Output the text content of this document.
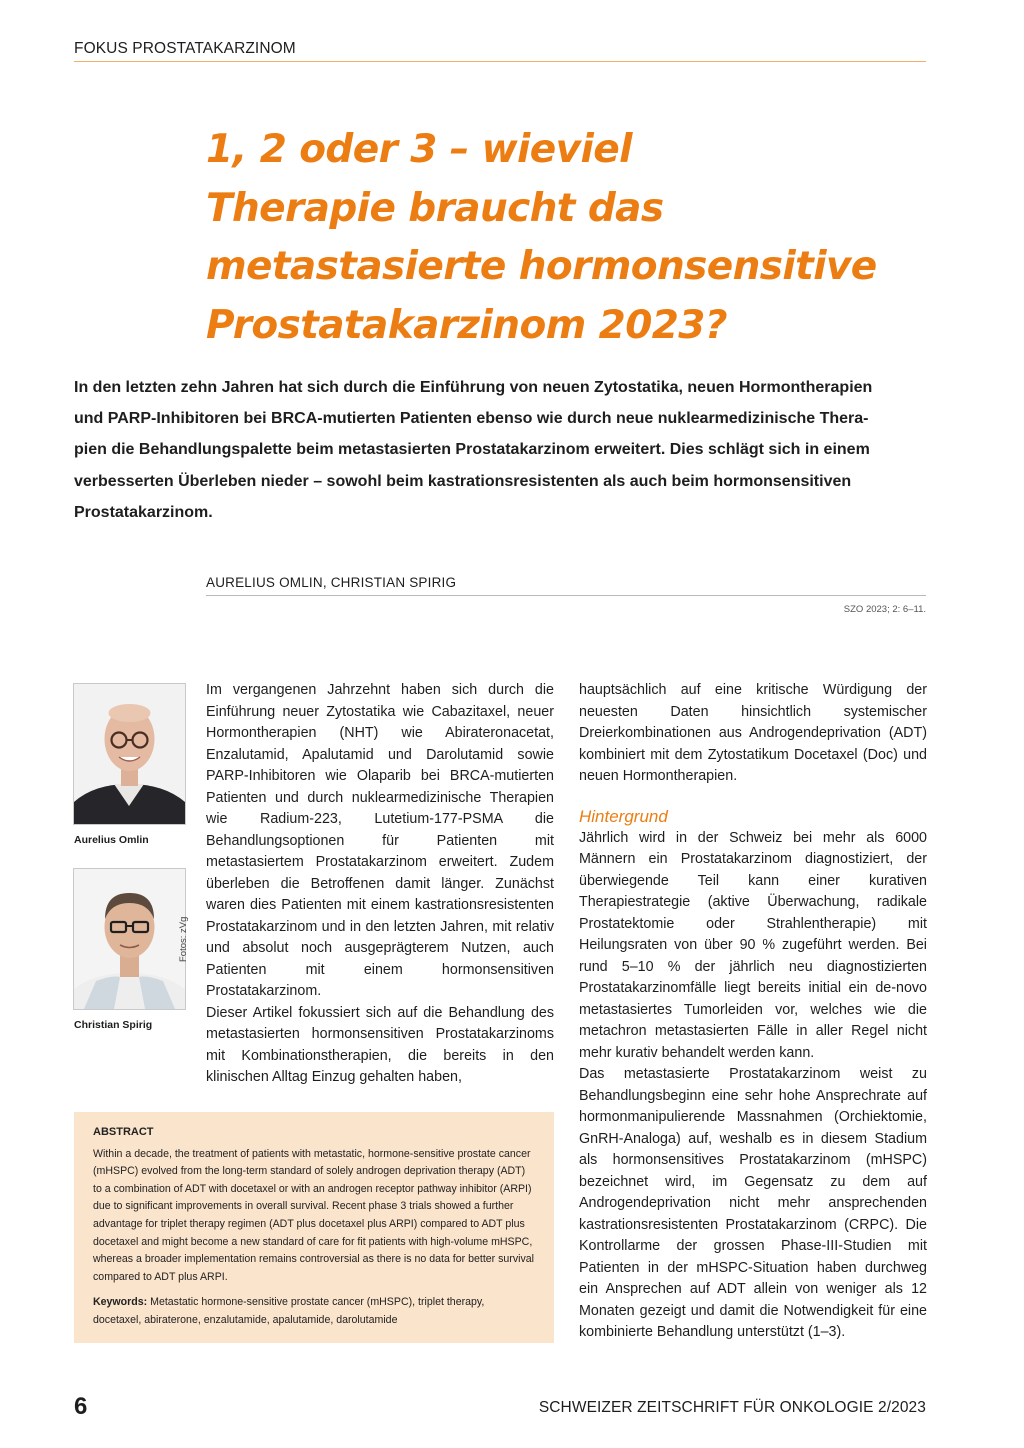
FOKUS PROSTATAKARZINOM
1, 2 oder 3 – wieviel
Therapie braucht das
metastasierte hormonsensitive
Prostatakarzinom 2023?

In den letzten zehn Jahren hat sich durch die Einführung von neuen Zytostatika, neuen Hormontherapien
und PARP-Inhibitoren bei BRCA-mutierten Patienten ebenso wie durch neue nuklearmedizinische Thera-
pien die Behandlungspalette beim metastasierten Prostatakarzinom erweitert. Dies schlägt sich in einem
verbesserten Überleben nieder – sowohl beim kastrationsresistenten als auch beim hormonsensitiven
Prostatakarzinom.

AURELIUS OMLIN, CHRISTIAN SPIRIG
SZO 2023; 2: 6–11.
Aurelius Omlin
Christian Spirig
Fotos: zVg

Im vergangenen Jahrzehnt haben sich durch die Einführung neuer Zytostatika wie Cabazitaxel, neuer Hormontherapien (NHT) wie Abirateronacetat, Enzalutamid, Apalutamid und Darolutamid sowie PARP-Inhibitoren wie Olaparib bei BRCA-mutierten Patienten und durch nuklearmedizinische Therapien wie Radium-223, Lutetium-177-PSMA die Behandlungsoptionen für Patienten mit metastasiertem Prostatakarzinom erweitert. Zudem überleben die Betroffenen damit länger. Zunächst waren dies Patienten mit einem kastrationsresistenten Prostatakarzinom und in den letzten Jahren, mit relativ und absolut noch ausgeprägterem Nutzen, auch Patienten mit einem hormonsensitiven Prostatakarzinom.

Dieser Artikel fokussiert sich auf die Behandlung des metastasierten hormonsensitiven Prostatakarzinoms mit Kombinationstherapien, die bereits in den klinischen Alltag Einzug gehalten haben,

hauptsächlich auf eine kritische Würdigung der neuesten Daten hinsichtlich systemischer Dreierkombinationen aus Androgendeprivation (ADT) kombiniert mit dem Zytostatikum Docetaxel (Doc) und neuen Hormontherapien.

Hintergrund

Jährlich wird in der Schweiz bei mehr als 6000 Männern ein Prostatakarzinom diagnostiziert, der überwiegende Teil kann einer kurativen Therapiestrategie (aktive Überwachung, radikale Prostatektomie oder Strahlentherapie) mit Heilungsraten von über 90 % zugeführt werden. Bei rund 5–10 % der jährlich neu diagnostizierten Prostatakarzinomfälle liegt bereits initial ein de-novo metastasiertes Tumorleiden vor, welches wie die metachron metastasierten Fälle in aller Regel nicht mehr kurativ behandelt werden kann.

Das metastasierte Prostatakarzinom weist zu Behandlungsbeginn eine sehr hohe Ansprechrate auf hormonmanipulierende Massnahmen (Orchiektomie, GnRH-Analoga) auf, weshalb es in diesem Stadium als hormonsensitives Prostatakarzinom (mHSPC) bezeichnet wird, im Gegensatz zu dem auf Androgendeprivation nicht mehr ansprechenden kastrationsresistenten Prostatakarzinom (CRPC). Die Kontrollarme der grossen Phase-III-Studien mit Patienten in der mHSPC-Situation haben durchweg ein Ansprechen auf ADT allein von weniger als 12 Monaten gezeigt und damit die Notwendigkeit für eine kombinierte Behandlung unterstützt (1–3).

ABSTRACT

Within a decade, the treatment of patients with metastatic, hormone-sensitive prostate cancer (mHSPC) evolved from the long-term standard of solely androgen deprivation therapy (ADT) to a combination of ADT with docetaxel or with an androgen receptor pathway inhibitor (ARPI) due to significant improvements in overall survival. Recent phase 3 trials showed a further advantage for triplet therapy regimen (ADT plus docetaxel plus ARPI) compared to ADT plus docetaxel and might become a new standard of care for fit patients with high-volume mHSPC, whereas a broader implementation remains controversial as there is no data for better survival compared to ADT plus ARPI.

Keywords: Metastatic hormone-sensitive prostate cancer (mHSPC), triplet therapy, docetaxel, abiraterone, enzalutamide, apalutamide, darolutamide

6	SCHWEIZER ZEITSCHRIFT FÜR ONKOLOGIE 2/2023
